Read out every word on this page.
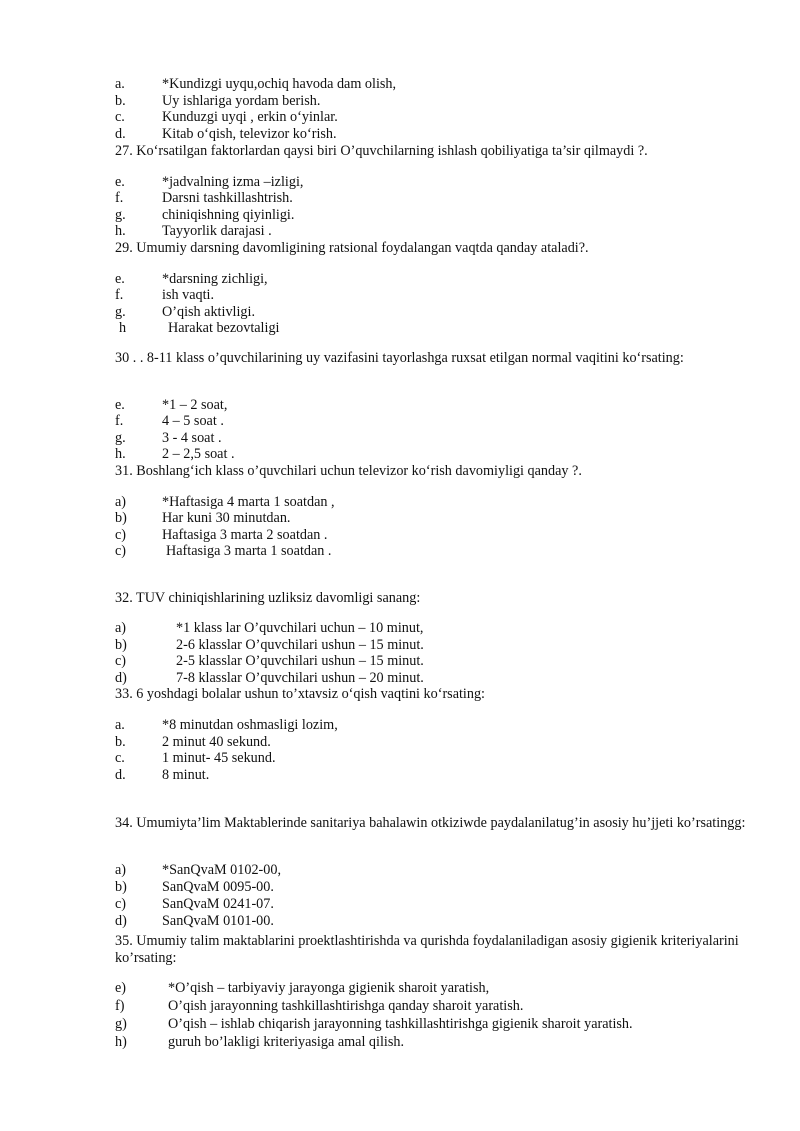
a.	*Kundizgi uyqu,ochiq havoda dam olish,
b.	Uy ishlariga yordam berish.
c.	Kunduzgi uyqi , erkin o‘yinlar.
d.	Kitab o‘qish, televizor ko‘rish.
27. Ko‘rsatilgan faktorlardan qaysi biri O’quvchilarning ishlash qobiliyatiga ta’sir qilmaydi ?.
e.	*jadvalning izma –izligi,
f.	Darsni tashkillashtrish.
g.	chiniqishning qiyinligi.
h.	Tayyorlik darajasi .
29. Umumiy darsning davomligining ratsional foydalangan vaqtda qanday ataladi?.
e.	*darsning zichligi,
f.	ish vaqti.
g.	O’qish aktivligi.
h	Harakat bezovtaligi
30 . . 8-11 klass o’quvchilarining uy vazifasini tayorlashga ruxsat etilgan normal vaqitini ko‘rsating:
e.	*1 – 2 soat,
f.	4 – 5 soat .
g.	3 - 4 soat .
h.	2 – 2,5 soat .
31. Boshlang‘ich klass o’quvchilari uchun televizor ko‘rish davomiyligi qanday ?.
a)	*Haftasiga 4 marta 1 soatdan ,
b) Har kuni 30 minutdan.
c)	Haftasiga 3 marta 2 soatdan .
c)	Haftasiga 3 marta 1 soatdan .
32. TUV chiniqishlarining uzliksiz davomligi sanang:
a)	*1 klass lar O’quvchilari uchun – 10 minut,
b)	2-6 klasslar O’quvchilari ushun – 15 minut.
c)	2-5 klasslar O’quvchilari ushun – 15 minut.
d)	7-8 klasslar O’quvchilari ushun – 20 minut.
33. 6 yoshdagi bolalar ushun to’xtavsiz o‘qish vaqtini ko‘rsating:
a.	*8 minutdan oshmasligi lozim,
b.	2 minut 40 sekund.
c.	1 minut- 45 sekund.
d.	8 minut.
34. Umumiyta’lim Maktablerinde sanitariya bahalawin otkiziwde paydalanilatug’in asosiy hu’jjeti ko’rsatingg:
a)	*SanQvaM 0102-00,
b) SanQvaM 0095-00.
c)	SanQvaM 0241-07.
d) SanQvaM 0101-00.
35. Umumiy talim maktablarini proektlashtirishda va qurishda foydalaniladigan asosiy gigienik kriteriyalarini ko’rsating:
e)	*O’qish – tarbiyaviy jarayonga gigienik sharoit yaratish,
f)	O’qish jarayonning tashkillashtirishga qanday sharoit yaratish.
g)	O’qish – ishlab chiqarish jarayonning tashkillashtirishga gigienik sharoit yaratish.
h)	guruh bo’lakligi kriteriyasiga amal qilish.
